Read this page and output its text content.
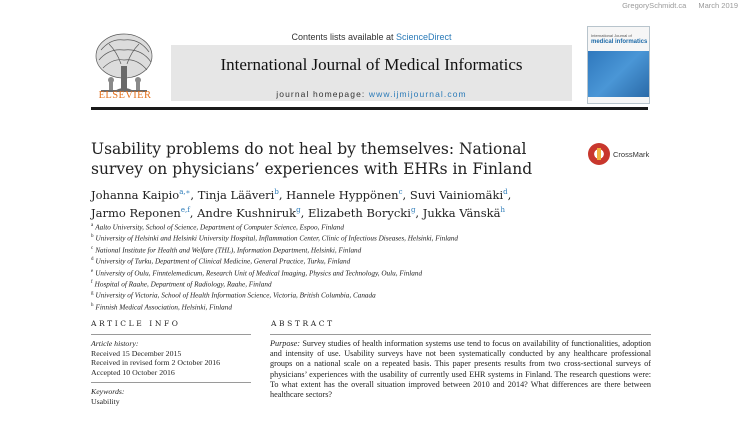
GregorySchmidt.ca March 2019
ELSEVIER
Contents lists available at ScienceDirect
International Journal of Medical Informatics
journal homepage: www.ijmijournal.com
International Journal of
medical informatics
Usability problems do not heal by themselves: National survey on physicians’ experiences with EHRs in Finland
CrossMark
Johanna Kaipio$^{a,∗}$, Tinja Lääveri$^b$, Hannele Hyppönen$^c$, Suvi Vainiomäki$^d$,
Jarmo Reponen$^{e,f}$, Andre Kushniruk$^g$, Elizabeth Borycki$^g$, Jukka Vänskä$^h$
$^a$ Aalto University, School of Science, Department of Computer Science, Espoo, Finland
$^b$ University of Helsinki and Helsinki University Hospital, Inflammation Center, Clinic of Infectious Diseases, Helsinki, Finland
$^c$ National Institute for Health and Welfare (THL), Information Department, Helsinki, Finland
$^d$ University of Turku, Department of Clinical Medicine, General Practice, Turku, Finland
$^e$ University of Oulu, Finntelemedicum, Research Unit of Medical Imaging, Physics and Technology, Oulu, Finland
$^f$ Hospital of Raahe, Department of Radiology, Raahe, Finland
$^g$ University of Victoria, School of Health Information Science, Victoria, British Columbia, Canada
$^h$ Finnish Medical Association, Helsinki, Finland
ARTICLE INFO	ABSTRACT
Article history:
Received 15 December 2015
Received in revised form 2 October 2016
Accepted 10 October 2016
Keywords:
Usability
Purpose: Survey studies of health information systems use tend to focus on availability of functionalities, adoption and intensity of use. Usability surveys have not been systematically conducted by any healthcare professional groups on a national scale on a repeated basis. This paper presents results from two cross-sectional surveys of physicians’ experiences with the usability of currently used EHR systems in Finland. The research questions were: To what extent has the overall situation improved between 2010 and 2014? What differences are there between healthcare sectors?
